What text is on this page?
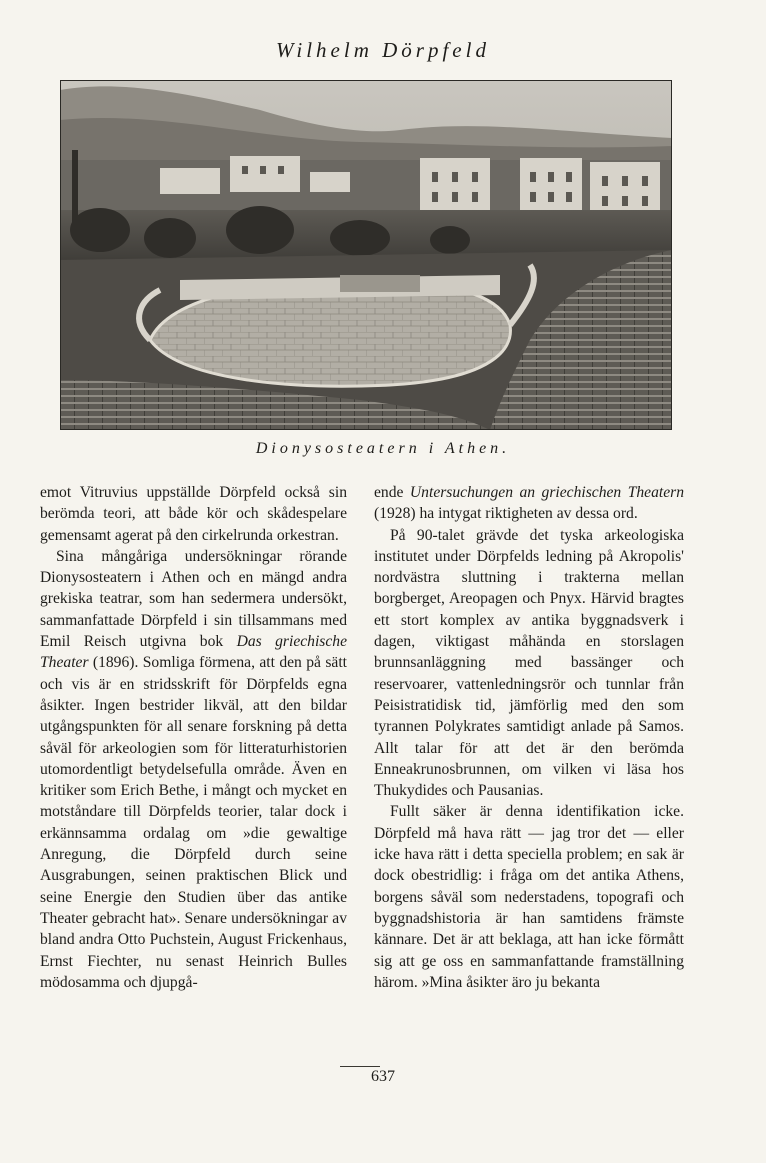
Wilhelm Dörpfeld
Dionysosteatern i Athen.

emot Vitruvius uppställde Dörpfeld också sin berömda teori, att både kör och skådespelare gemensamt agerat på den cirkelrunda orkestran.

Sina mångåriga undersökningar rörande Dionysosteatern i Athen och en mängd andra grekiska teatrar, som han sedermera undersökt, sammanfattade Dörpfeld i sin tillsammans med Emil Reisch utgivna bok Das griechische Theater (1896). Somliga förmena, att den på sätt och vis är en stridsskrift för Dörpfelds egna åsikter. Ingen bestrider likväl, att den bildar utgångspunkten för all senare forskning på detta såväl för arkeologien som för litteraturhistorien utomordentligt betydelsefulla område. Även en kritiker som Erich Bethe, i mångt och mycket en motståndare till Dörpfelds teorier, talar dock i erkännsamma ordalag om »die gewaltige Anregung, die Dörpfeld durch seine Ausgrabungen, seinen praktischen Blick und seine Energie den Studien über das antike Theater gebracht hat». Senare undersökningar av bland andra Otto Puchstein, August Frickenhaus, Ernst Fiechter, nu senast Heinrich Bulles mödosamma och djupgå-

ende Untersuchungen an griechischen Theatern (1928) ha intygat riktigheten av dessa ord.

På 90-talet grävde det tyska arkeologiska institutet under Dörpfelds ledning på Akropolis' nordvästra sluttning i trakterna mellan borgberget, Areopagen och Pnyx. Härvid bragtes ett stort komplex av antika byggnadsverk i dagen, viktigast måhända en storslagen brunnsanläggning med bassänger och reservoarer, vattenledningsrör och tunnlar från Peisistratidisk tid, jämförlig med den som tyrannen Polykrates samtidigt anlade på Samos. Allt talar för att det är den berömda Enneakrunosbrunnen, om vilken vi läsa hos Thukydides och Pausanias.

Fullt säker är denna identifikation icke. Dörpfeld må hava rätt — jag tror det — eller icke hava rätt i detta speciella problem; en sak är dock obestridlig: i fråga om det antika Athens, borgens såväl som nederstadens, topografi och byggnadshistoria är han samtidens främste kännare. Det är att beklaga, att han icke förmått sig att ge oss en sammanfattande framställning härom. »Mina åsikter äro ju bekanta

637
